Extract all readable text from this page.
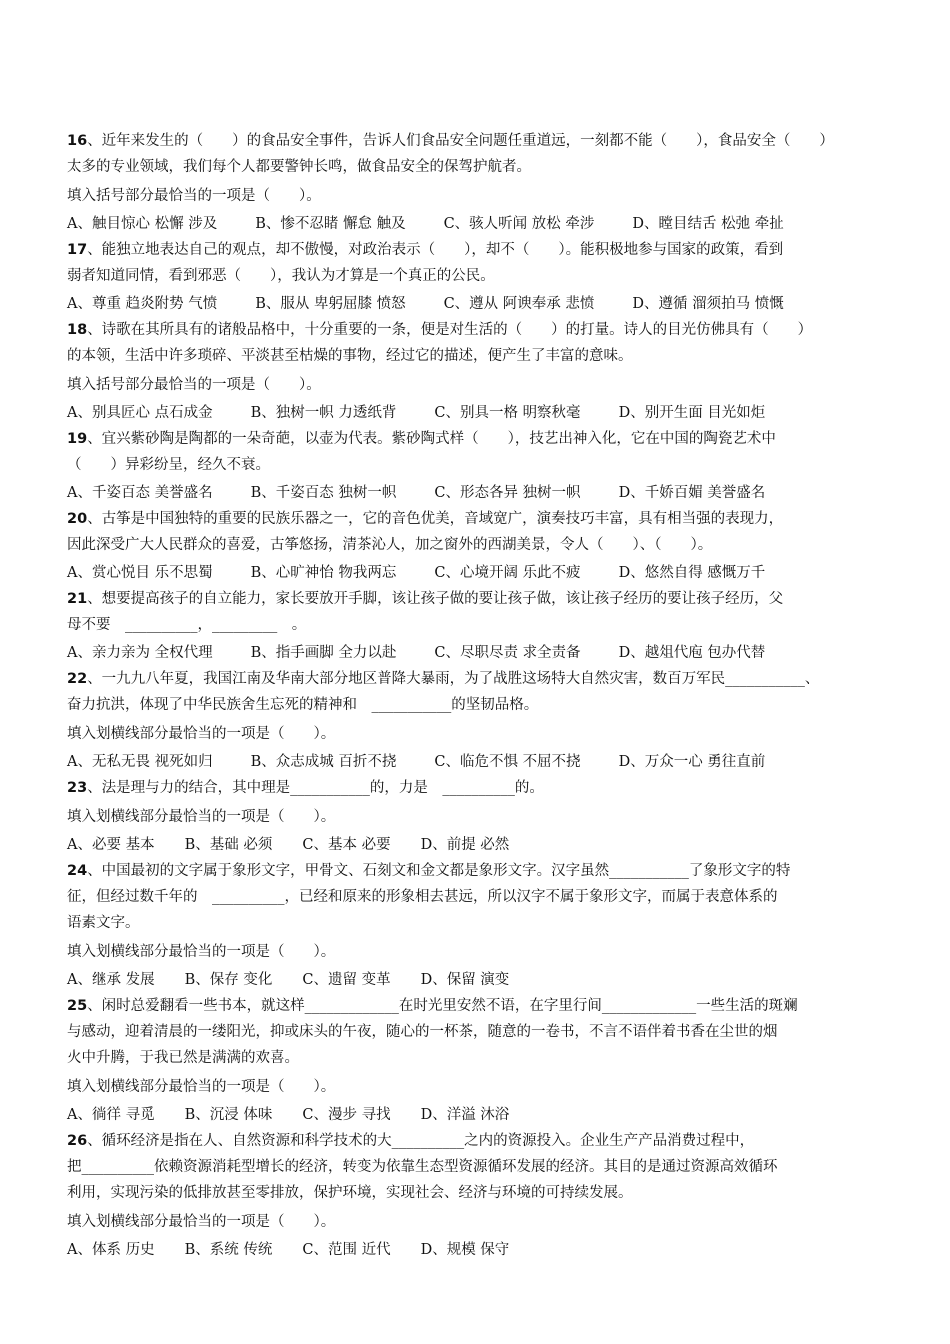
16、近年来发生的（　　）的食品安全事件，告诉人们食品安全问题任重道远，一刻都不能（　　），食品安全（　　）

太多的专业领域，我们每个人都要警钟长鸣，做食品安全的保驾护航者。

填入括号部分最恰当的一项是（　　）。

A、触目惊心 松懈 涉及	B、惨不忍睹 懈怠 触及	C、骇人听闻 放松 牵涉	D、瞠目结舌 松弛 牵扯

17、能独立地表达自己的观点，却不傲慢，对政治表示（　　），却不（　　）。能积极地参与国家的政策，看到

弱者知道同情，看到邪恶（　　），我认为才算是一个真正的公民。

A、尊重 趋炎附势 气愤	B、服从 卑躬屈膝 愤怒	C、遵从 阿谀奉承 悲愤	D、遵循 溜须拍马 愤慨

18、诗歌在其所具有的诸般品格中，十分重要的一条，便是对生活的（　　）的打量。诗人的目光仿佛具有（　　）

的本领，生活中许多琐碎、平淡甚至枯燥的事物，经过它的描述，便产生了丰富的意味。

填入括号部分最恰当的一项是（　　）。

A、别具匠心 点石成金	B、独树一帜 力透纸背	C、别具一格 明察秋毫	D、别开生面 目光如炬

19、宜兴紫砂陶是陶都的一朵奇葩，以壶为代表。紫砂陶式样（　　），技艺出神入化，它在中国的陶瓷艺术中

（　　）异彩纷呈，经久不衰。

A、千姿百态 美誉盛名	B、千姿百态 独树一帜	C、形态各异 独树一帜	D、千娇百媚 美誉盛名

20、古筝是中国独特的重要的民族乐器之一，它的音色优美，音域宽广，演奏技巧丰富，具有相当强的表现力，

因此深受广大人民群众的喜爱，古筝悠扬，清茶沁人，加之窗外的西湖美景，令人（　　）、（　　）。

A、赏心悦目 乐不思蜀	B、心旷神怡 物我两忘	C、心境开阔 乐此不疲	D、悠然自得 感慨万千

21、想要提高孩子的自立能力，家长要放开手脚，该让孩子做的要让孩子做，该让孩子经历的要让孩子经历，父

母不要　__________，_________　。

A、亲力亲为 全权代理	B、指手画脚 全力以赴	C、尽职尽责 求全责备	D、越俎代庖 包办代替

22、一九九八年夏，我国江南及华南大部分地区普降大暴雨，为了战胜这场特大自然灾害，数百万军民___________、

奋力抗洪，体现了中华民族舍生忘死的精神和　___________的坚韧品格。

填入划横线部分最恰当的一项是（　　）。

A、无私无畏 视死如归	B、众志成城 百折不挠	C、临危不惧 不屈不挠	D、万众一心 勇往直前

23、法是理与力的结合，其中理是___________的，力是　__________的。

填入划横线部分最恰当的一项是（　　）。

A、必要 基本 B、基础 必须 C、基本 必要 D、前提 必然

24、中国最初的文字属于象形文字，甲骨文、石刻文和金文都是象形文字。汉字虽然___________了象形文字的特

征，但经过数千年的　__________，已经和原来的形象相去甚远，所以汉字不属于象形文字，而属于表意体系的

语素文字。

填入划横线部分最恰当的一项是（　　）。

A、继承 发展 B、保存 变化 C、遗留 变革 D、保留 演变

25、闲时总爱翻看一些书本，就这样_____________在时光里安然不语，在字里行间_____________一些生活的斑斓

与感动，迎着清晨的一缕阳光，抑或床头的午夜，随心的一杯茶，随意的一卷书，不言不语伴着书香在尘世的烟

火中升腾，于我已然是满满的欢喜。

填入划横线部分最恰当的一项是（　　）。

A、徜徉 寻觅 B、沉浸 体味 C、漫步 寻找 D、洋溢 沐浴

26、循环经济是指在人、自然资源和科学技术的大__________之内的资源投入。企业生产产品消费过程中，

把__________依赖资源消耗型增长的经济，转变为依靠生态型资源循环发展的经济。其目的是通过资源高效循环

利用，实现污染的低排放甚至零排放，保护环境，实现社会、经济与环境的可持续发展。

填入划横线部分最恰当的一项是（　　）。

A、体系 历史 B、系统 传统 C、范围 近代 D、规模 保守
